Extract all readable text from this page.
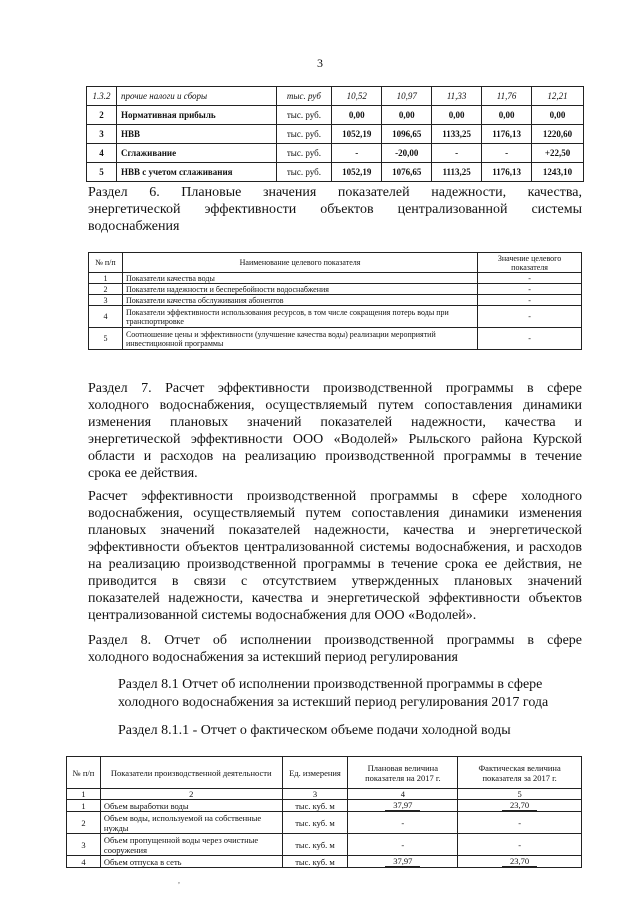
3
1.3.2	прочие налоги и сборы	тыс. руб	10,52	10,97	11,33	11,76	12,21
2	Нормативная прибыль	тыс. руб.	0,00	0,00	0,00	0,00	0,00
3	НВВ	тыс. руб.	1052,19	1096,65	1133,25	1176,13	1220,60
4	Сглаживание	тыс. руб.	-	-20,00	-	-	+22,50
5	НВВ с учетом сглаживания	тыс. руб.	1052,19	1076,65	1113,25	1176,13	1243,10
Раздел 6. Плановые значения показателей надежности, качества,
энергетической эффективности объектов централизованной системы
водоснабжения
№ п/п	Наименование целевого показателя	Значение целевого показателя
1	Показатели качества воды	-
2	Показатели надежности и бесперебойности водоснабжения	-
3	Показатели качества обслуживания абонентов	-
4	Показатели эффективности использования ресурсов, в том числе сокращения потерь воды при транспортировке	-
5	Соотношение цены и эффективности (улучшение качества воды) реализации мероприятий инвестиционной программы	-
Раздел 7. Расчет эффективности производственной программы в сфере
холодного водоснабжения, осуществляемый путем сопоставления динамики
изменения плановых значений показателей надежности, качества и
энергетической эффективности ООО «Водолей» Рыльского района Курской
области и расходов на реализацию производственной программы в течение
срока ее действия.
Расчет эффективности производственной программы в сфере холодного
водоснабжения, осуществляемый путем сопоставления динамики изменения
плановых значений показателей надежности, качества и энергетической
эффективности объектов централизованной системы водоснабжения, и расходов
на реализацию производственной программы в течение срока ее действия, не
приводится в связи с отсутствием утвержденных плановых значений
показателей надежности, качества и энергетической эффективности объектов
централизованной системы водоснабжения для ООО «Водолей».
Раздел 8. Отчет об исполнении производственной программы в сфере
холодного водоснабжения за истекший период регулирования
Раздел 8.1 Отчет об исполнении производственной программы в сфере
холодного водоснабжения за истекший период регулирования 2017 года
Раздел 8.1.1 - Отчет о фактическом объеме подачи холодной воды
№ п/п	Показатели производственной деятельности	Ед. измерения	Плановая величина показателя на 2017 г.	Фактическая величина показателя за 2017 г.
1	2	3	4	5
1	Объем выработки воды	тыс. куб. м	37,97	23,70
2	Объем воды, используемой на собственные нужды	тыс. куб. м	-	-
3	Объем пропущенной воды через очистные сооружения	тыс. куб. м	-	-
4	Объем отпуска в сеть	тыс. куб. м	37,97	23,70
,
